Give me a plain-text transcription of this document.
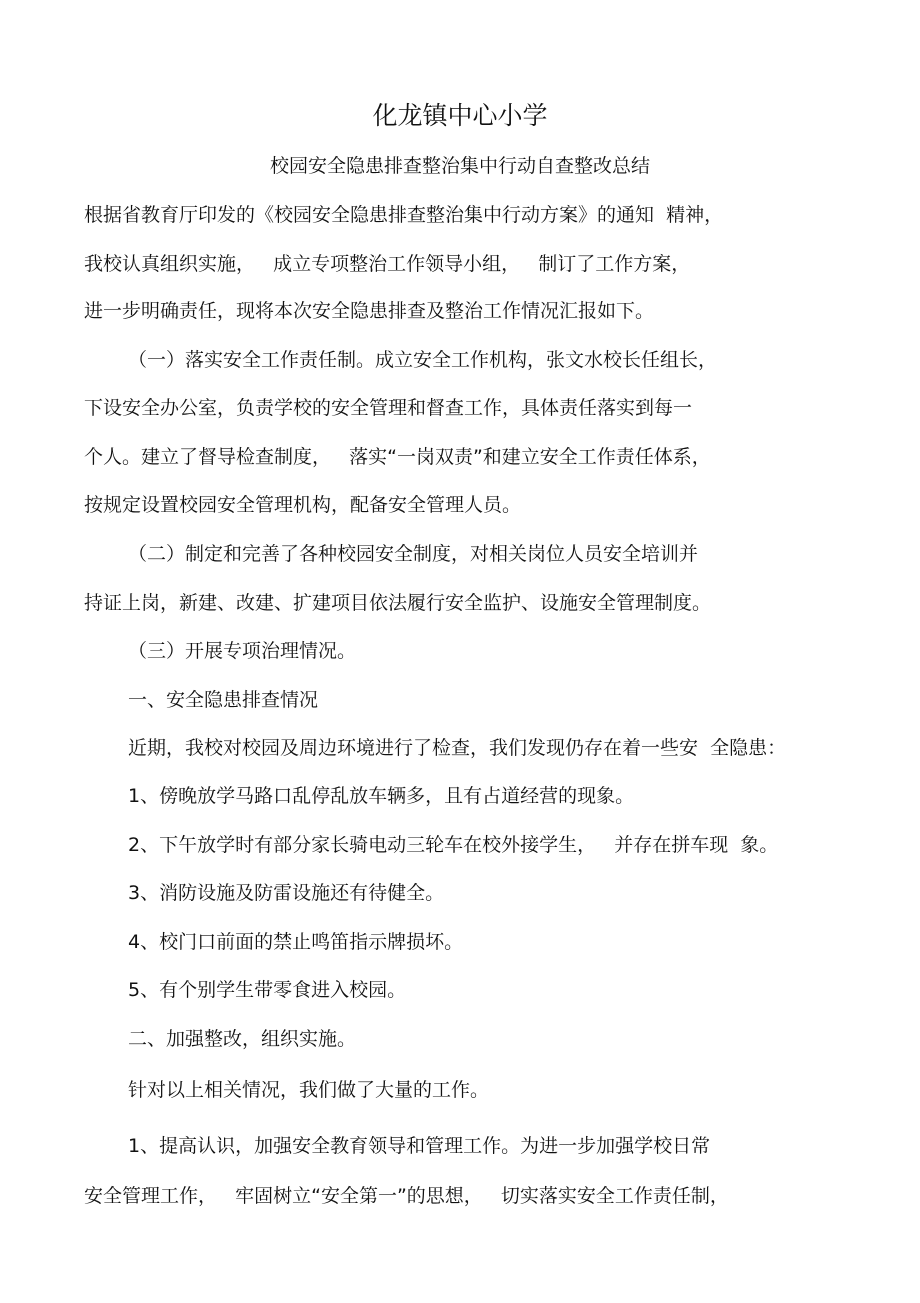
化龙镇中心小学

校园安全隐患排查整治集中行动自查整改总结

根据省教育厅印发的《校园安全隐患排查整治集中行动方案》的通知  精神，

我校认真组织实施，   成立专项整治工作领导小组，   制订了工作方案，

进一步明确责任，现将本次安全隐患排查及整治工作情况汇报如下。

（一）落实安全工作责任制。成立安全工作机构，张文水校长任组长，

下设安全办公室，负责学校的安全管理和督查工作，具体责任落实到每一

个人。建立了督导检查制度，   落实“一岗双责”和建立安全工作责任体系，

按规定设置校园安全管理机构，配备安全管理人员。

（二）制定和完善了各种校园安全制度，对相关岗位人员安全培训并

持证上岗，新建、改建、扩建项目依法履行安全监护、设施安全管理制度。

（三）开展专项治理情况。

一、安全隐患排查情况

近期，我校对校园及周边环境进行了检查，我们发现仍存在着一些安  全隐患：

1、傍晚放学马路口乱停乱放车辆多，且有占道经营的现象。

2、下午放学时有部分家长骑电动三轮车在校外接学生，   并存在拼车现  象。

3、消防设施及防雷设施还有待健全。

4、校门口前面的禁止鸣笛指示牌损坏。

5、有个别学生带零食进入校园。

二、加强整改，组织实施。

针对以上相关情况，我们做了大量的工作。

1、提高认识，加强安全教育领导和管理工作。为进一步加强学校日常

安全管理工作，   牢固树立“安全第一”的思想，   切实落实安全工作责任制，
